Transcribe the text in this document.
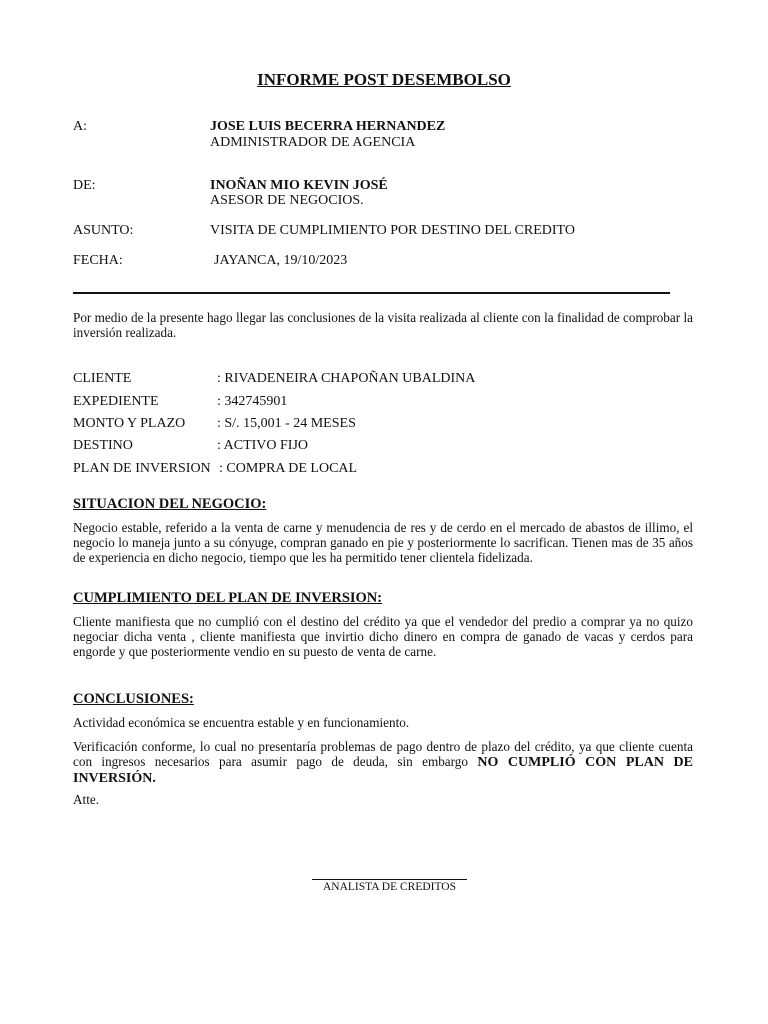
INFORME POST DESEMBOLSO
A:	JOSE LUIS BECERRA HERNANDEZ
ADMINISTRADOR DE AGENCIA
DE:	INOÑAN MIO KEVIN JOSÉ
ASESOR DE NEGOCIOS.
ASUNTO:	VISITA DE CUMPLIMIENTO POR DESTINO DEL CREDITO
FECHA:	JAYANCA, 19/10/2023
Por medio de la presente hago llegar las conclusiones de la visita realizada al cliente con la finalidad de comprobar la inversión realizada.
CLIENTE	: RIVADENEIRA CHAPOÑAN UBALDINA
EXPEDIENTE	: 342745901
MONTO Y PLAZO : S/. 15,001 - 24 MESES
DESTINO	: ACTIVO FIJO
PLAN DE INVERSION : COMPRA DE LOCAL
SITUACION DEL NEGOCIO:
Negocio estable, referido a la venta de carne y menudencia de res y de cerdo en el mercado de abastos de illimo, el negocio lo maneja junto a su cónyuge, compran ganado en pie y posteriormente lo sacrifican. Tienen mas de 35 años de experiencia en dicho negocio, tiempo que les ha permitido tener clientela fidelizada.
CUMPLIMIENTO DEL PLAN DE INVERSION:
Cliente manifiesta que no cumplió con el destino del crédito ya que el vendedor del predio a comprar ya no quizo negociar dicha venta , cliente manifiesta que invirtio dicho dinero en compra de ganado de vacas y cerdos para engorde y que posteriormente vendio en su puesto de venta de carne.
CONCLUSIONES:
Actividad económica se encuentra estable y en funcionamiento.
Verificación conforme, lo cual no presentaría problemas de pago dentro de plazo del crédito, ya que cliente cuenta con ingresos necesarios para asumir pago de deuda, sin embargo NO CUMPLIÓ CON PLAN DE INVERSIÓN.
Atte.
ANALISTA DE CREDITOS
